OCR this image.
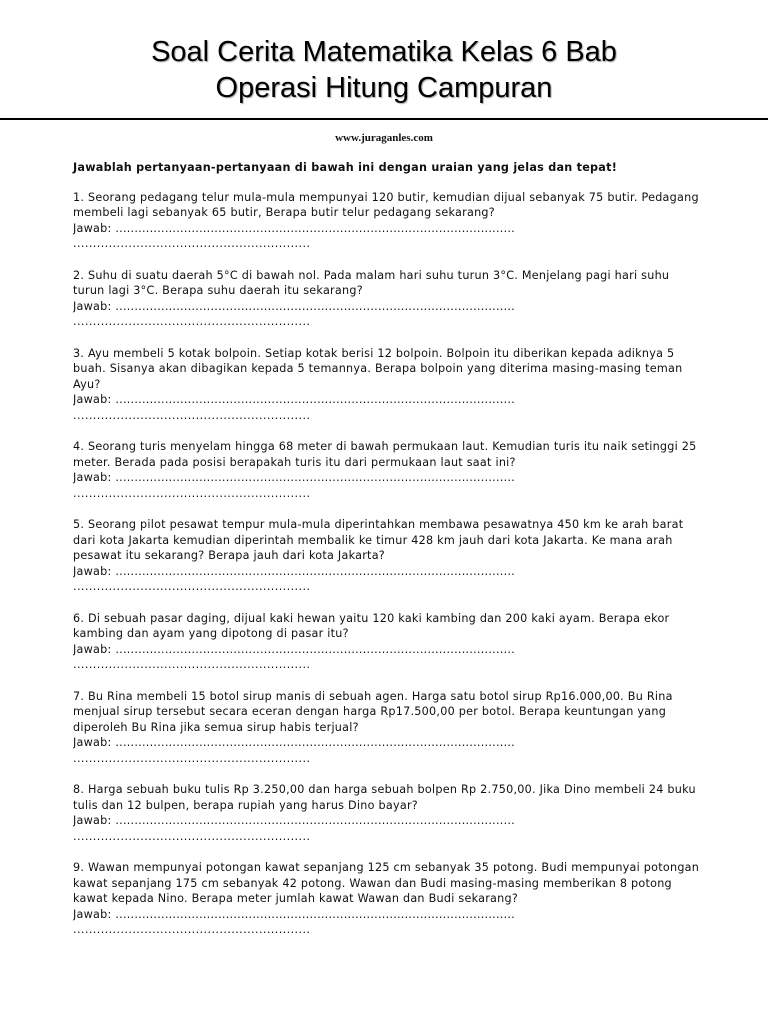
Soal Cerita Matematika Kelas 6 Bab
Operasi Hitung Campuran
www.juraganles.com
Jawablah pertanyaan-pertanyaan di bawah ini dengan uraian yang jelas dan tepat!
1. Seorang pedagang telur mula-mula mempunyai 120 butir, kemudian dijual sebanyak 75 butir. Pedagang membeli lagi sebanyak 65 butir, Berapa butir telur pedagang sekarang?
Jawab: .........................................................................................................
............................................................
2. Suhu di suatu daerah 5°C di bawah nol. Pada malam hari suhu turun 3°C. Menjelang pagi hari suhu turun lagi 3°C. Berapa suhu daerah itu sekarang?
Jawab: .........................................................................................................
............................................................
3. Ayu membeli 5 kotak bolpoin. Setiap kotak berisi 12 bolpoin. Bolpoin itu diberikan kepada adiknya 5 buah. Sisanya akan dibagikan kepada 5 temannya. Berapa bolpoin yang diterima masing-masing teman Ayu?
Jawab: .........................................................................................................
............................................................
4. Seorang turis menyelam hingga 68 meter di bawah permukaan laut. Kemudian turis itu naik setinggi 25 meter. Berada pada posisi berapakah turis itu dari permukaan laut saat ini?
Jawab: .........................................................................................................
............................................................
5. Seorang pilot pesawat tempur mula-mula diperintahkan membawa pesawatnya 450 km ke arah barat dari kota Jakarta kemudian diperintah membalik ke timur 428 km jauh dari kota Jakarta. Ke mana arah pesawat itu sekarang? Berapa jauh dari kota Jakarta?
Jawab: .........................................................................................................
............................................................
6. Di sebuah pasar daging, dijual kaki hewan yaitu 120 kaki kambing dan 200 kaki ayam. Berapa ekor kambing dan ayam yang dipotong di pasar itu?
Jawab: .........................................................................................................
............................................................
7. Bu Rina membeli 15 botol sirup manis di sebuah agen. Harga satu botol sirup Rp16.000,00. Bu Rina menjual sirup tersebut secara eceran dengan harga Rp17.500,00 per botol. Berapa keuntungan yang diperoleh Bu Rina jika semua sirup habis terjual?
Jawab: .........................................................................................................
............................................................
8. Harga sebuah buku tulis Rp 3.250,00 dan harga sebuah bolpen Rp 2.750,00. Jika Dino membeli 24 buku tulis dan 12 bulpen, berapa rupiah yang harus Dino bayar?
Jawab: .........................................................................................................
............................................................
9. Wawan mempunyai potongan kawat sepanjang 125 cm sebanyak 35 potong. Budi mempunyai potongan kawat sepanjang 175 cm sebanyak 42 potong. Wawan dan Budi masing-masing memberikan 8 potong kawat kepada Nino. Berapa meter jumlah kawat Wawan dan Budi sekarang?
Jawab: .........................................................................................................
............................................................
